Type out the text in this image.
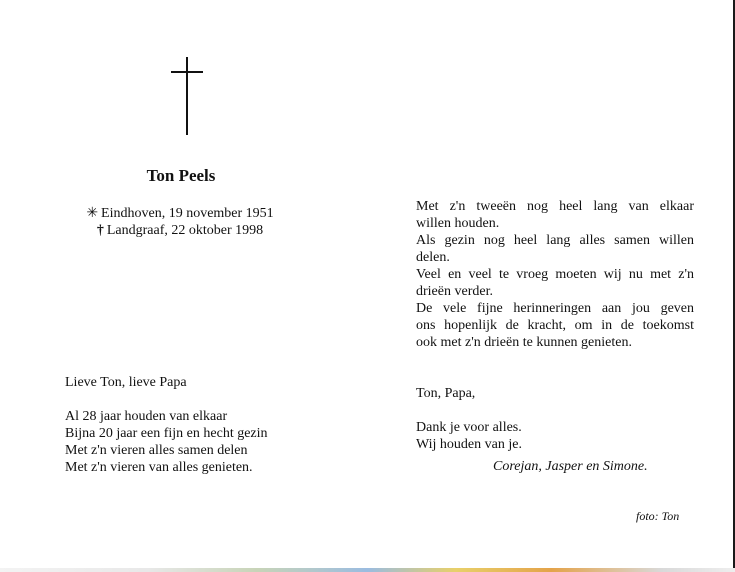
Ton Peels
✳ Eindhoven, 19 november 1951
† Landgraaf, 22 oktober 1998
Lieve Ton, lieve Papa
Al 28 jaar houden van elkaar
Bijna 20 jaar een fijn en hecht gezin
Met z'n vieren alles samen delen
Met z'n vieren van alles genieten.
Met z'n tweeën nog heel lang van elkaar
willen houden.
Als gezin nog heel lang alles samen willen
delen.
Veel en veel te vroeg moeten wij nu met z'n
drieën verder.
De vele fijne herinneringen aan jou geven
ons hopenlijk de kracht, om in de toekomst
ook met z'n drieën te kunnen genieten.
Ton, Papa,
Dank je voor alles.
Wij houden van je.
Corejan, Jasper en Simone.
foto: Ton
